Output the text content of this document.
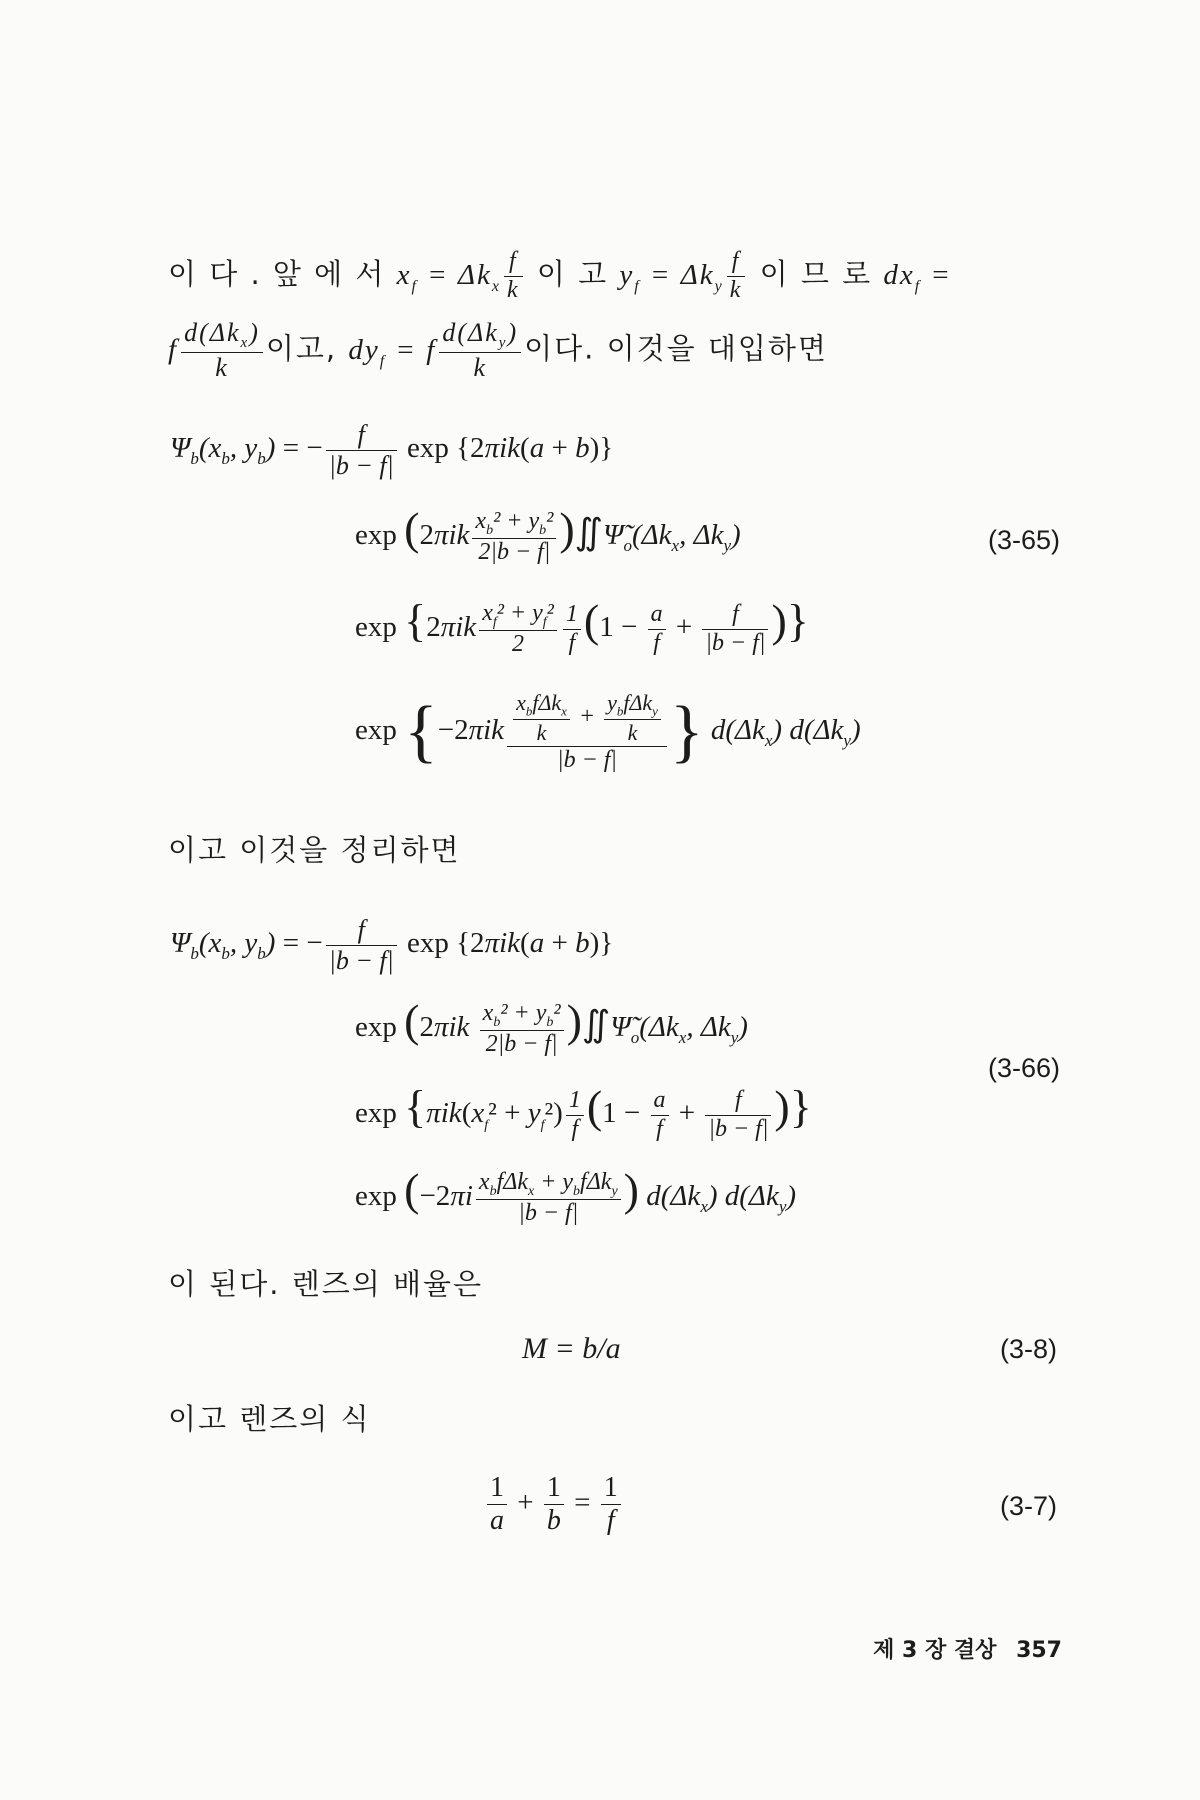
이 다 . 앞 에 서 $x_f = \Delta k_x \frac{f}{k}$ 이 고 $y_f = \Delta k_y \frac{f}{k}$ 이 므 로 $dx_f$ =
f $\frac{d(\Delta k_x)}{k}$ 이고, $dy_f = f \frac{d(\Delta k_y)}{k}$ 이다. 이것을 대입하면
$\Psi_b(x_b$, $y_b$) = − $\frac{f}{|b - f|}$ exp {2πik(a + b)}
$\exp (2\pi ik \frac{x_b^2 + y_b^2}{2|b - f|}$ )$∬\Psĩ_o(\Delta k_x$, $\Delta k_y$)	(3-65)
$\exp \{2\pi ik \frac{x_f^2 + y_f^2}{2} \frac{1}{f} (1 - \frac{a}{f} + \frac{f}{|b - f|}$ )}
$\exp \{-2\pi ik \frac{\frac{x_bf\Delta k_x}{k} + \frac{y_bf\Delta k_y}{k}}{|b - f|}$ } $d(\Delta k_x)$ $d(\Delta k_y)$
이고 이것을 정리하면
$\Psi_b(x_b$, $y_b$) = − $\frac{f}{|b - f|}$ exp {2πik(a + b)}
$\exp (2\pi ik \frac{x_b^2 + y_b^2}{2|b - f|}$ )$∬\Psĩ_o(\Delta k_x$, $\Delta k_y$)
(3-66)
$\exp \{\pi ik(x_f^2 + y_f^2) \frac{1}{f} (1 - \frac{a}{f} + \frac{f}{|b - f|}$ )}
$\exp (-2\pi i \frac{x_bf\Delta k_x + y_bf\Delta k_y}{|b - f|}$ ) $d(\Delta k_x)$ $d(\Delta k_y)$
이 된다. 렌즈의 배율은
M = b/a	(3-8)
이고 렌즈의 식
$\frac{1}{a} + \frac{1}{b} = \frac{1}{f}$	(3-7)
제 3 장 결상 357
